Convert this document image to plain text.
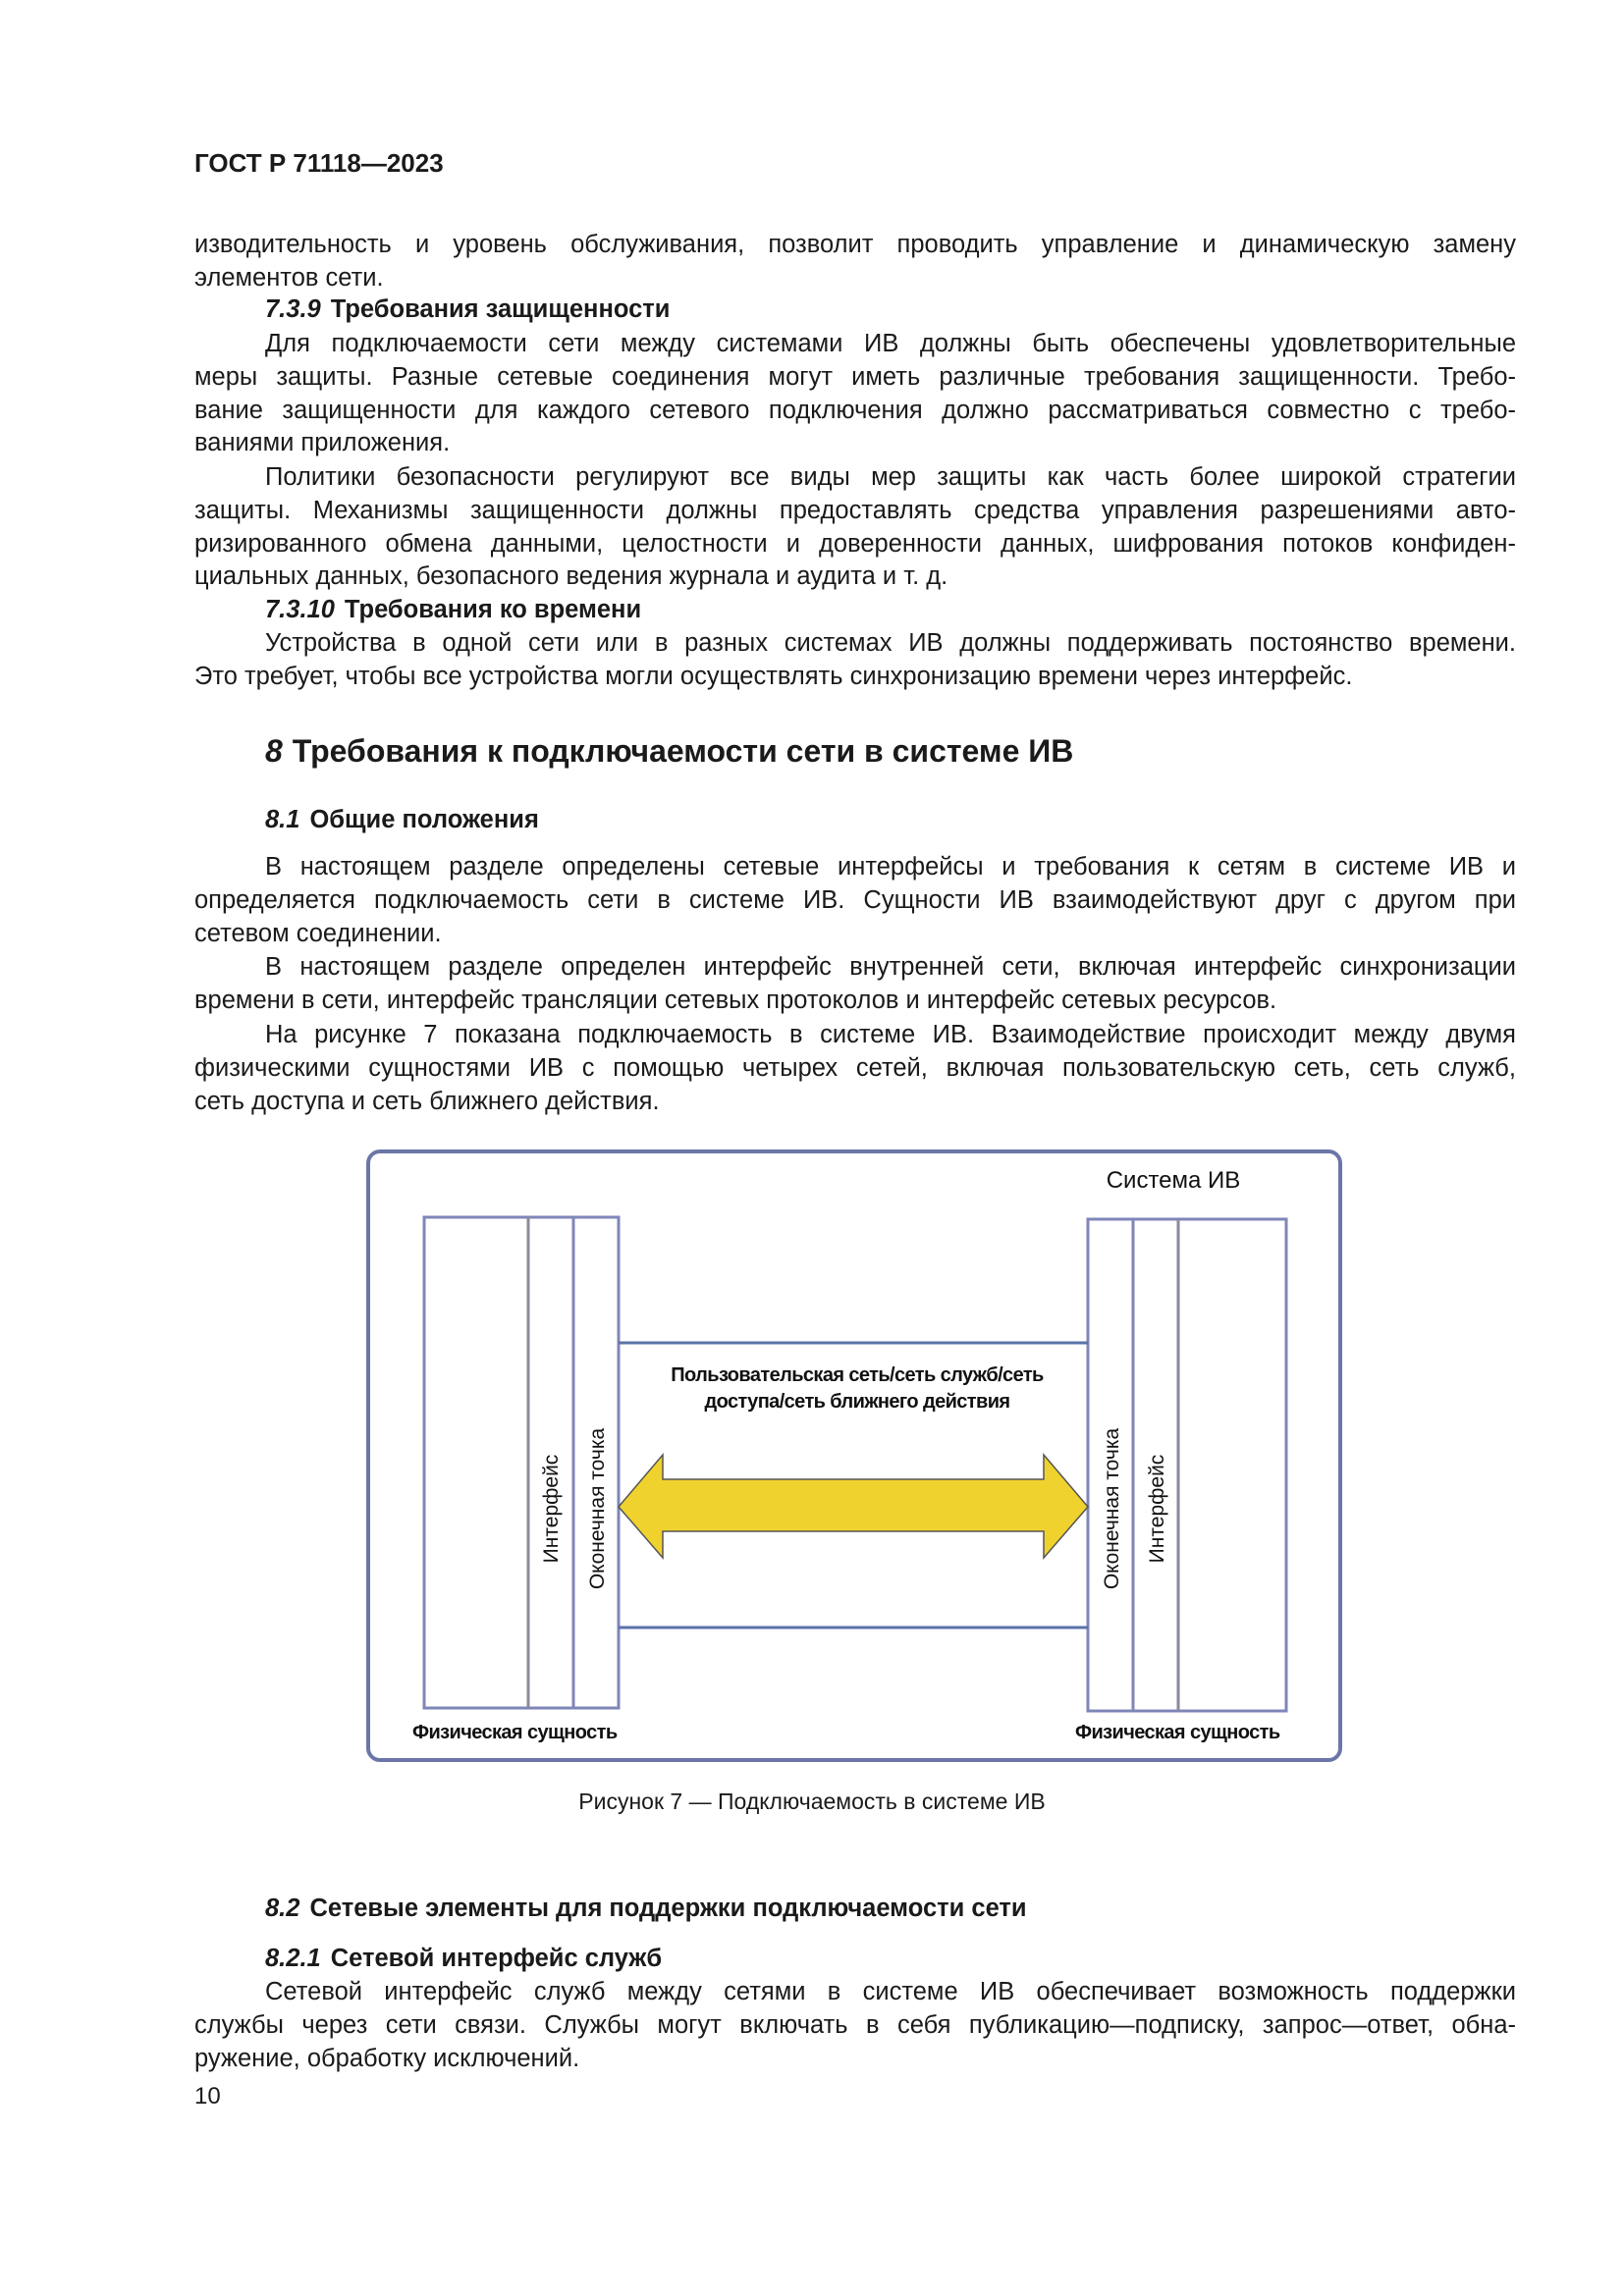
ГОСТ Р 71118—2023
изводительность и уровень обслуживания, позволит проводить управление и динамическую замену
элементов сети.
7.3.9 Требования защищенности
Для подключаемости сети между системами ИВ должны быть обеспечены удовлетворительные
меры защиты. Разные сетевые соединения могут иметь различные требования защищенности. Требо-
вание защищенности для каждого сетевого подключения должно рассматриваться совместно с требо-
ваниями приложения.
Политики безопасности регулируют все виды мер защиты как часть более широкой стратегии
защиты. Механизмы защищенности должны предоставлять средства управления разрешениями авто-
ризированного обмена данными, целостности и доверенности данных, шифрования потоков конфиден-
циальных данных, безопасного ведения журнала и аудита и т. д.
7.3.10 Требования ко времени
Устройства в одной сети или в разных системах ИВ должны поддерживать постоянство времени.
Это требует, чтобы все устройства могли осуществлять синхронизацию времени через интерфейс.
8 Требования к подключаемости сети в системе ИВ
8.1 Общие положения
В настоящем разделе определены сетевые интерфейсы и требования к сетям в системе ИВ и
определяется подключаемость сети в системе ИВ. Сущности ИВ взаимодействуют друг с другом при
сетевом соединении.
В настоящем разделе определен интерфейс внутренней сети, включая интерфейс синхронизации
времени в сети, интерфейс трансляции сетевых протоколов и интерфейс сетевых ресурсов.
На рисунке 7 показана подключаемость в системе ИВ. Взаимодействие происходит между двумя
физическими сущностями ИВ с помощью четырех сетей, включая пользовательскую сеть, сеть служб,
сеть доступа и сеть ближнего действия.
8.2 Сетевые элементы для поддержки подключаемости сети
8.2.1 Сетевой интерфейс служб
Сетевой интерфейс служб между сетями в системе ИВ обеспечивает возможность поддержки
службы через сети связи. Службы могут включать в себя публикацию—подписку, запрос—ответ, обна-
ружение, обработку исключений.
Система ИВ
Интерфейс Оконечная точка	Оконечная точка Интерфейс
Пользовательская сеть/сеть служб/сеть
доступа/сеть ближнего действия
Физическая сущность	Физическая сущность
Рисунок 7 — Подключаемость в системе ИВ
10
